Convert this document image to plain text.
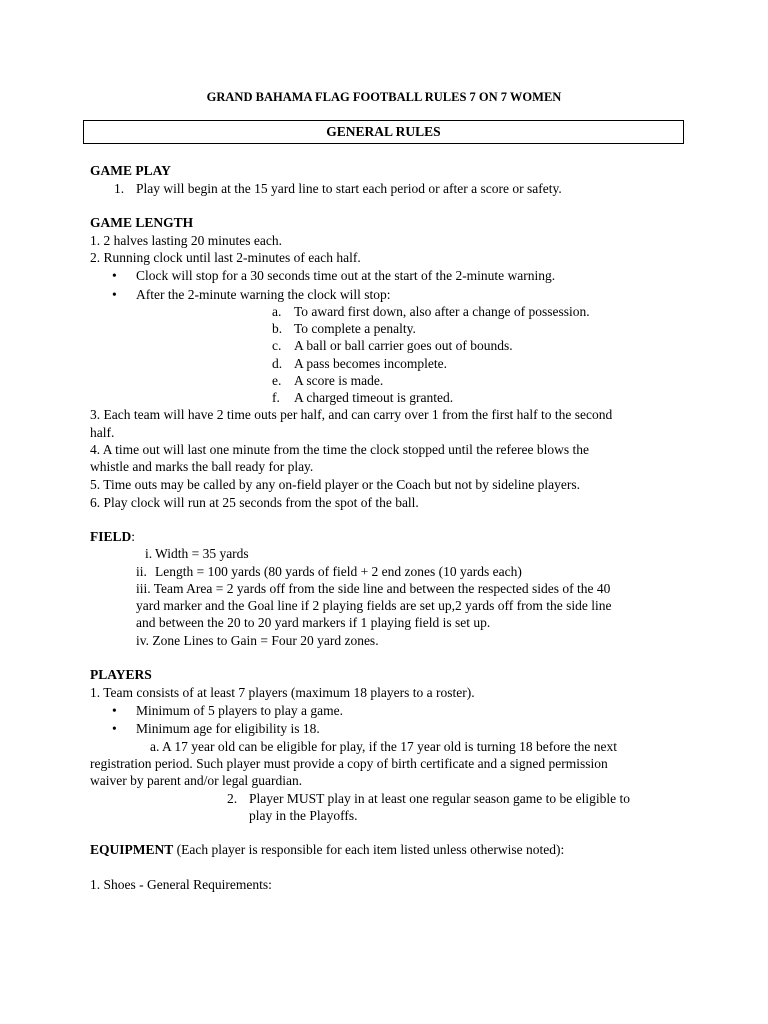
GRAND BAHAMA FLAG FOOTBALL RULES 7 ON 7 WOMEN
GENERAL RULES
GAME PLAY
1. Play will begin at the 15 yard line to start each period or after a score or safety.
GAME LENGTH
1. 2 halves lasting 20 minutes each.
2. Running clock until last 2-minutes of each half.
• Clock will stop for a 30 seconds time out at the start of the 2-minute warning.
• After the 2-minute warning the clock will stop:
a. To award first down, also after a change of possession.
b. To complete a penalty.
c. A ball or ball carrier goes out of bounds.
d. A pass becomes incomplete.
e. A score is made.
f. A charged timeout is granted.
3. Each team will have 2 time outs per half, and can carry over 1 from the first half to the second
half.
4. A time out will last one minute from the time the clock stopped until the referee blows the
whistle and marks the ball ready for play.
5. Time outs may be called by any on-field player or the Coach but not by sideline players.
6. Play clock will run at 25 seconds from the spot of the ball.
FIELD:
i. Width = 35 yards
ii. Length = 100 yards (80 yards of field + 2 end zones (10 yards each)
iii. Team Area = 2 yards off from the side line and between the respected sides of the 40
yard marker and the Goal line if 2 playing fields are set up,2 yards off from the side line
and between the 20 to 20 yard markers if 1 playing field is set up.
iv. Zone Lines to Gain = Four 20 yard zones.
PLAYERS
1. Team consists of at least 7 players (maximum 18 players to a roster).
• Minimum of 5 players to play a game.
• Minimum age for eligibility is 18.
a. A 17 year old can be eligible for play, if the 17 year old is turning 18 before the next
registration period. Such player must provide a copy of birth certificate and a signed permission
waiver by parent and/or legal guardian.
2. Player MUST play in at least one regular season game to be eligible to
play in the Playoffs.
EQUIPMENT (Each player is responsible for each item listed unless otherwise noted):
1. Shoes - General Requirements:
